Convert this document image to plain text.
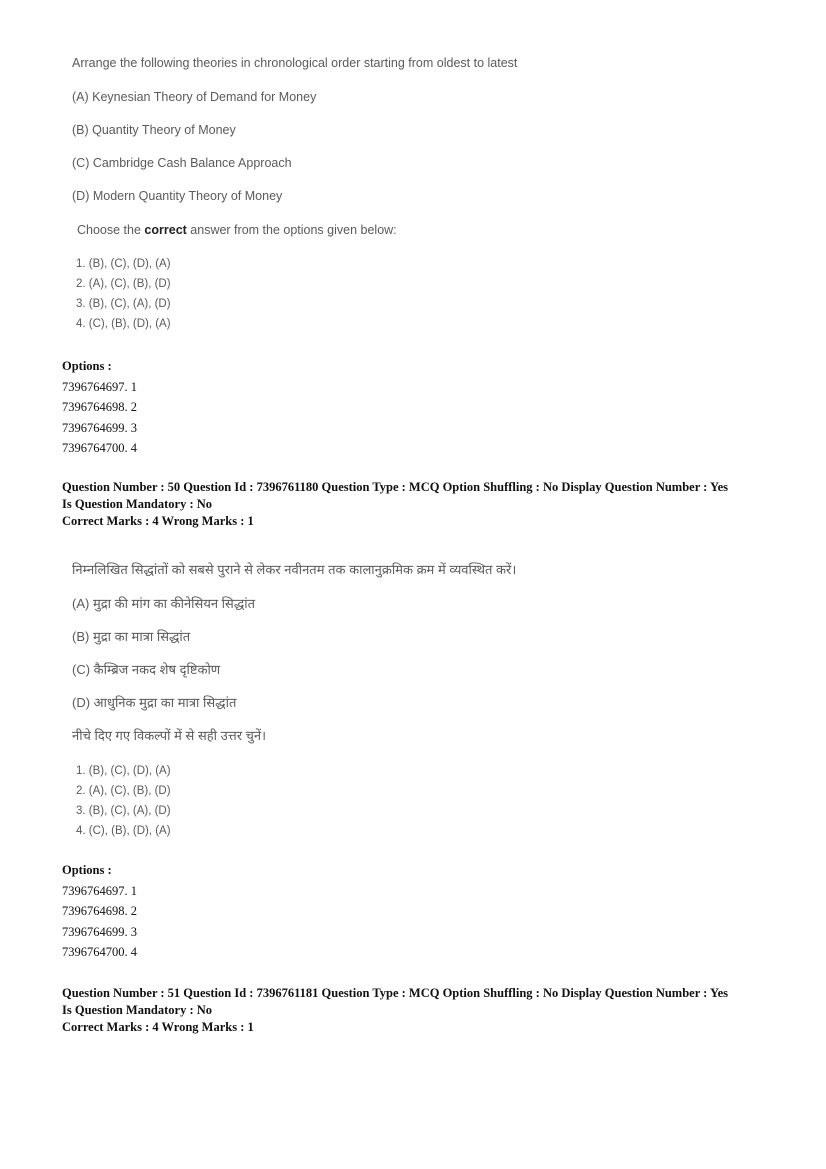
Arrange the following theories in chronological order starting from oldest to latest
(A) Keynesian Theory of Demand for Money
(B) Quantity Theory of Money
(C) Cambridge Cash Balance Approach
(D) Modern Quantity Theory of Money
Choose the correct answer from the options given below:
1. (B), (C), (D), (A)
2. (A), (C), (B), (D)
3. (B), (C), (A), (D)
4. (C), (B), (D), (A)
Options :
7396764697. 1
7396764698. 2
7396764699. 3
7396764700. 4
Question Number : 50 Question Id : 7396761180 Question Type : MCQ Option Shuffling : No Display Question Number : Yes
Is Question Mandatory : No
Correct Marks : 4 Wrong Marks : 1
निम्नलिखित सिद्धांतों को सबसे पुराने से लेकर नवीनतम तक कालानुक्रमिक क्रम में व्यवस्थित करें।
(A) मुद्रा की मांग का कीनेसियन सिद्धांत
(B) मुद्रा का मात्रा सिद्धांत
(C) कैम्ब्रिज नकद शेष दृष्टिकोण
(D) आधुनिक मुद्रा का मात्रा सिद्धांत
नीचे दिए गए विकल्पों में से सही उत्तर चुनें।
1. (B), (C), (D), (A)
2. (A), (C), (B), (D)
3. (B), (C), (A), (D)
4. (C), (B), (D), (A)
Options :
7396764697. 1
7396764698. 2
7396764699. 3
7396764700. 4
Question Number : 51 Question Id : 7396761181 Question Type : MCQ Option Shuffling : No Display Question Number : Yes
Is Question Mandatory : No
Correct Marks : 4 Wrong Marks : 1
